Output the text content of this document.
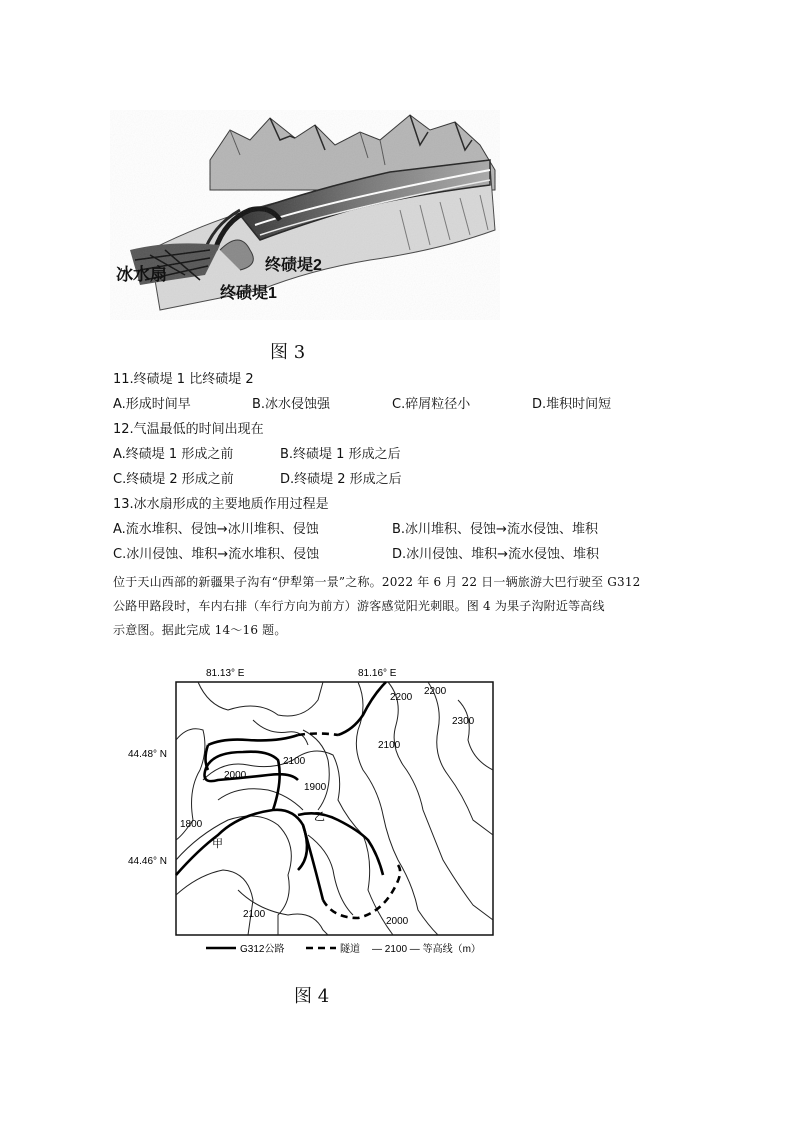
冰水扇	终碛堤2
终碛堤1
图 3
11.终碛堤 1 比终碛堤 2
A.形成时间早	B.冰水侵蚀强	C.碎屑粒径小	D.堆积时间短
12.气温最低的时间出现在
A.终碛堤 1 形成之前	B.终碛堤 1 形成之后
C.终碛堤 2 形成之前	D.终碛堤 2 形成之后
13.冰水扇形成的主要地质作用过程是
A.流水堆积、侵蚀→冰川堆积、侵蚀	B.冰川堆积、侵蚀→流水侵蚀、堆积
C.冰川侵蚀、堆积→流水堆积、侵蚀	D.冰川侵蚀、堆积→流水侵蚀、堆积
位于天山西部的新疆果子沟有“伊犁第一景”之称。2022 年 6 月 22 日一辆旅游大巴行驶至 G312
公路甲路段时，车内右排（车行方向为前方）游客感觉阳光刺眼。图 4 为果子沟附近等高线
示意图。据此完成 14～16 题。
81.13° E	81.16° E
44.48° N
44.46° N
2200
2200
2300
2100
2100
2100
2000
2000
1900
1800
甲
乙
G312公路	隧道 — 2100 — 等高线（m）
图 4
